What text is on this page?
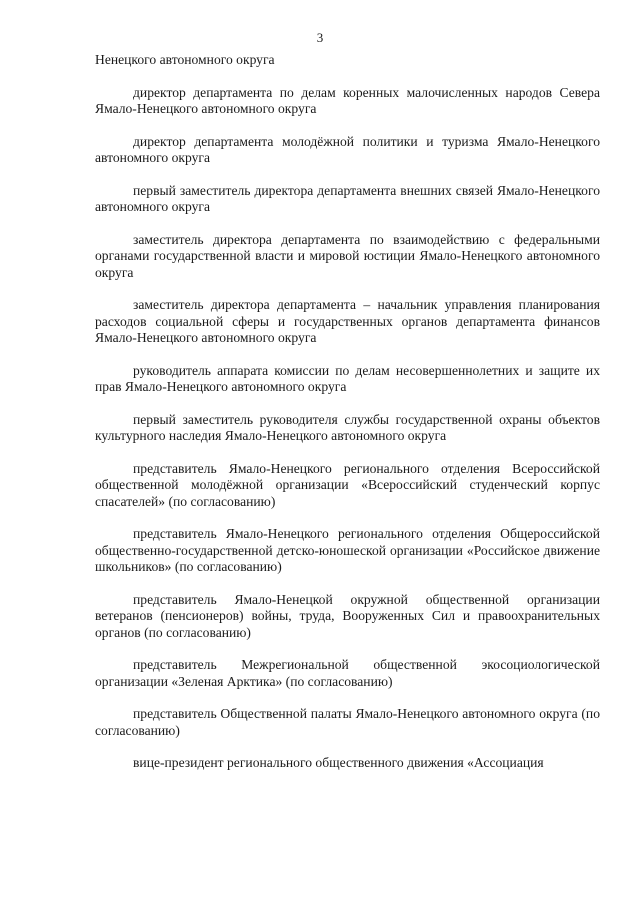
3

Ненецкого автономного округа

директор департамента по делам коренных малочисленных народов Севера Ямало-Ненецкого автономного округа

директор департамента молодёжной политики и туризма Ямало-Ненецкого автономного округа

первый заместитель директора департамента внешних связей Ямало-Ненецкого автономного округа

заместитель директора департамента по взаимодействию с федеральными органами государственной власти и мировой юстиции Ямало-Ненецкого автономного округа

заместитель директора департамента – начальник управления планирования расходов социальной сферы и государственных органов департамента финансов Ямало-Ненецкого автономного округа

руководитель аппарата комиссии по делам несовершеннолетних и защите их прав Ямало-Ненецкого автономного округа

первый заместитель руководителя службы государственной охраны объектов культурного наследия Ямало-Ненецкого автономного округа

представитель Ямало-Ненецкого регионального отделения Всероссийской общественной молодёжной организации «Всероссийский студенческий корпус спасателей» (по согласованию)

представитель Ямало-Ненецкого регионального отделения Общероссийской общественно-государственной детско-юношеской организации «Российское движение школьников» (по согласованию)

представитель Ямало-Ненецкой окружной общественной организации ветеранов (пенсионеров) войны, труда, Вооруженных Сил и правоохранительных органов (по согласованию)

представитель Межрегиональной общественной экосоциологической организации «Зеленая Арктика» (по согласованию)

представитель Общественной палаты Ямало-Ненецкого автономного округа (по согласованию)

вице-президент регионального общественного движения «Ассоциация
